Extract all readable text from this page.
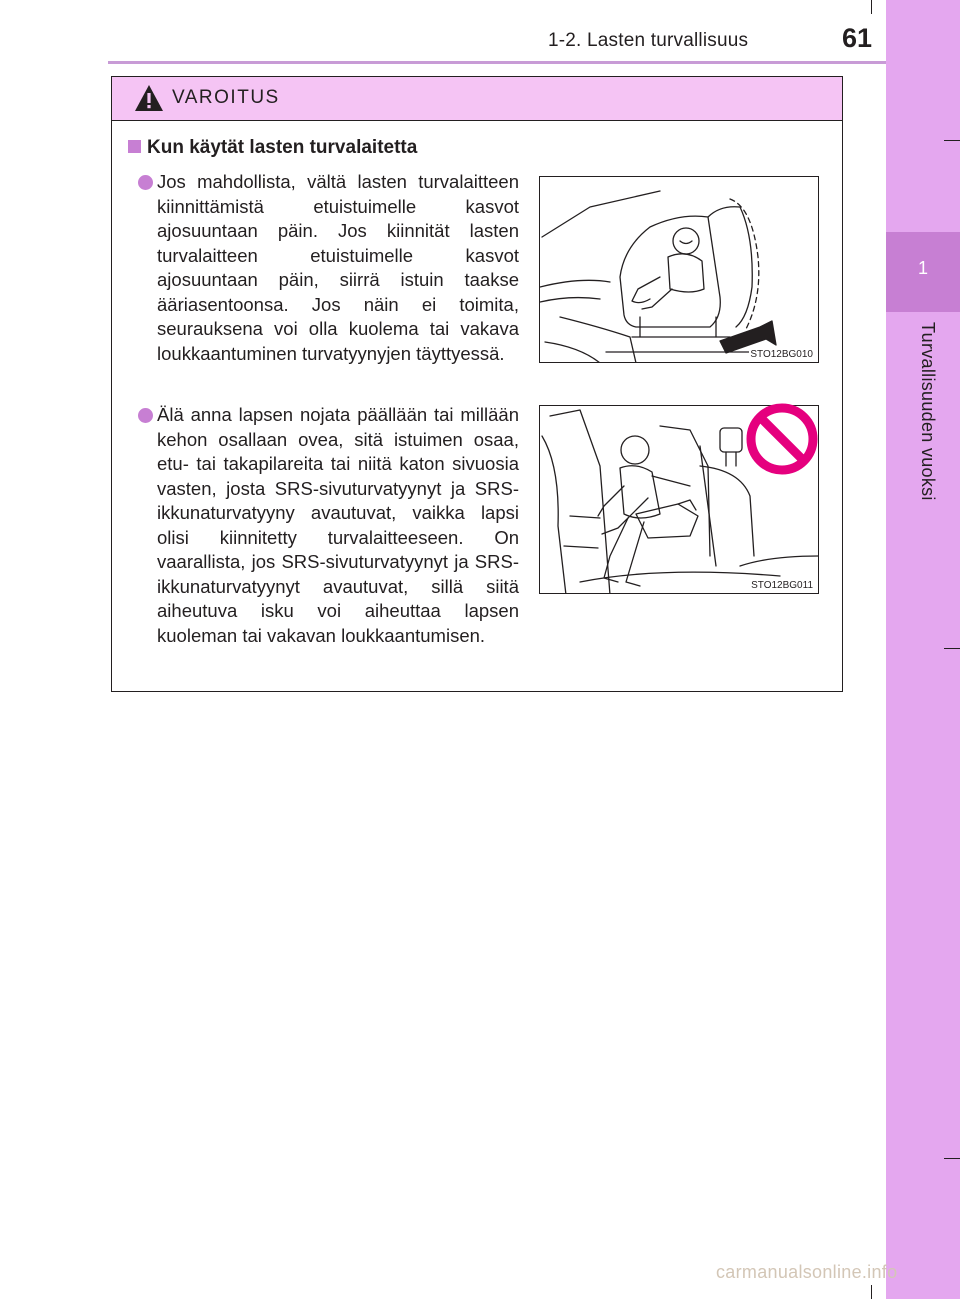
1
Turvallisuuden vuoksi
1-2. Lasten turvallisuus	61
VAROITUS
Kun käytät lasten turvalaitetta
Jos mahdollista, vältä lasten turvalaitteen kiinnittämistä etuistuimelle kasvot ajosuuntaan päin. Jos kiinnität lasten turvalaitteen etuistuimelle kasvot ajosuuntaan päin, siirrä istuin taakse ääriasentoonsa. Jos näin ei toimita, seurauksena voi olla kuolema tai vakava loukkaantuminen turvatyynyjen täyttyessä.	STO12BG010
Älä anna lapsen nojata päällään tai millään kehon osallaan ovea, sitä istuimen osaa, etu- tai takapilareita tai niitä katon sivuosia vasten, josta SRS-sivuturvatyynyt ja SRS-ikkunaturvatyyny avautuvat, vaikka lapsi olisi kiinnitetty turvalaitteeseen. On vaarallista, jos SRS-sivuturvatyynyt ja SRS-ikkunaturvatyynyt avautuvat, sillä siitä aiheutuva isku voi aiheuttaa lapsen kuoleman tai vakavan loukkaantumisen.
STO12BG011
carmanualsonline.info
